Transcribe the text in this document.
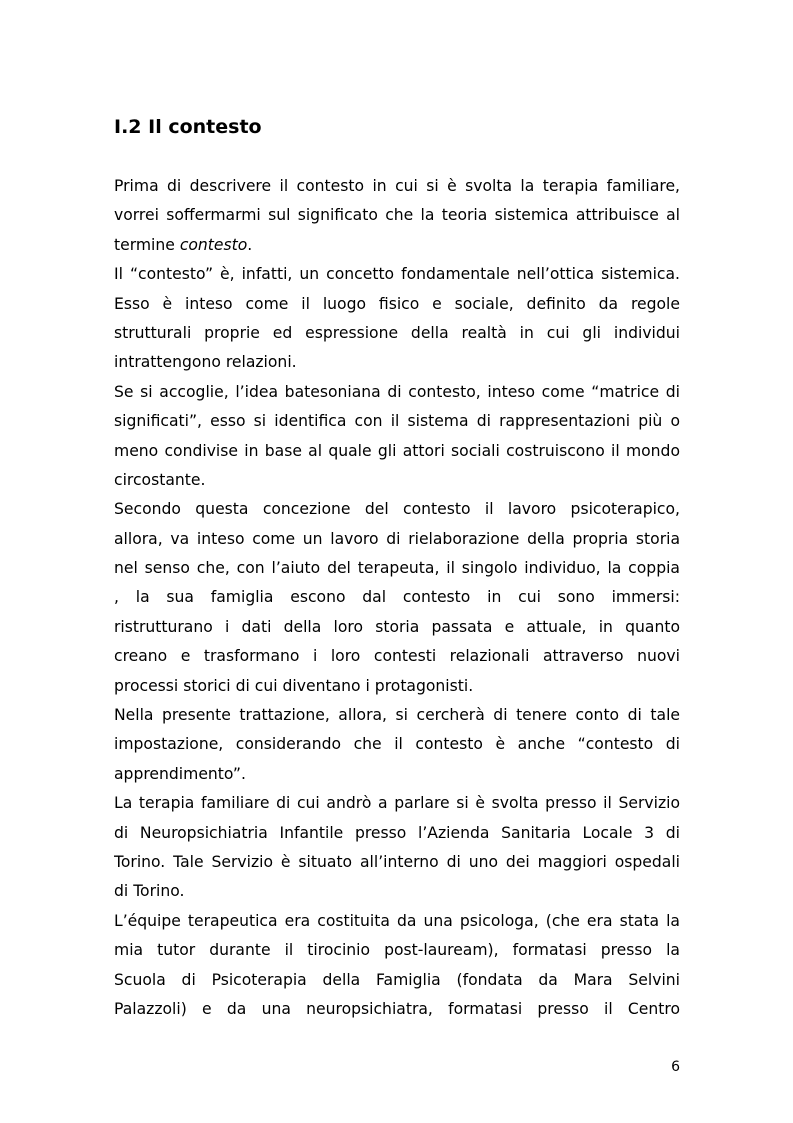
I.2 Il contesto
Prima di descrivere il contesto in cui si è svolta la terapia familiare,
vorrei soffermarmi sul significato che la teoria sistemica attribuisce al
termine contesto.
Il “contesto” è, infatti, un concetto fondamentale nell’ottica sistemica.
Esso è inteso come il luogo fisico e sociale, definito da regole
strutturali proprie ed espressione della realtà in cui gli individui
intrattengono relazioni.
Se si accoglie, l’idea batesoniana di contesto, inteso come “matrice di
significati”, esso si identifica con il sistema di rappresentazioni più o
meno condivise in base al quale gli attori sociali costruiscono il mondo
circostante.
Secondo questa concezione del contesto il lavoro psicoterapico,
allora, va inteso come un lavoro di rielaborazione della propria storia
nel senso che, con l’aiuto del terapeuta, il singolo individuo, la coppia
, la sua famiglia escono dal contesto in cui sono immersi:
ristrutturano i dati della loro storia passata e attuale, in quanto
creano e trasformano i loro contesti relazionali attraverso nuovi
processi storici di cui diventano i protagonisti.
Nella presente trattazione, allora, si cercherà di tenere conto di tale
impostazione, considerando che il contesto è anche “contesto di
apprendimento”.
La terapia familiare di cui andrò a parlare si è svolta presso il Servizio
di Neuropsichiatria Infantile presso l’Azienda Sanitaria Locale 3 di
Torino. Tale Servizio è situato all’interno di uno dei maggiori ospedali
di Torino.
L’équipe terapeutica era costituita da una psicologa, (che era stata la
mia tutor durante il tirocinio post-lauream), formatasi presso la
Scuola di Psicoterapia della Famiglia (fondata da Mara Selvini
Palazzoli) e da una neuropsichiatra, formatasi presso il Centro
6
